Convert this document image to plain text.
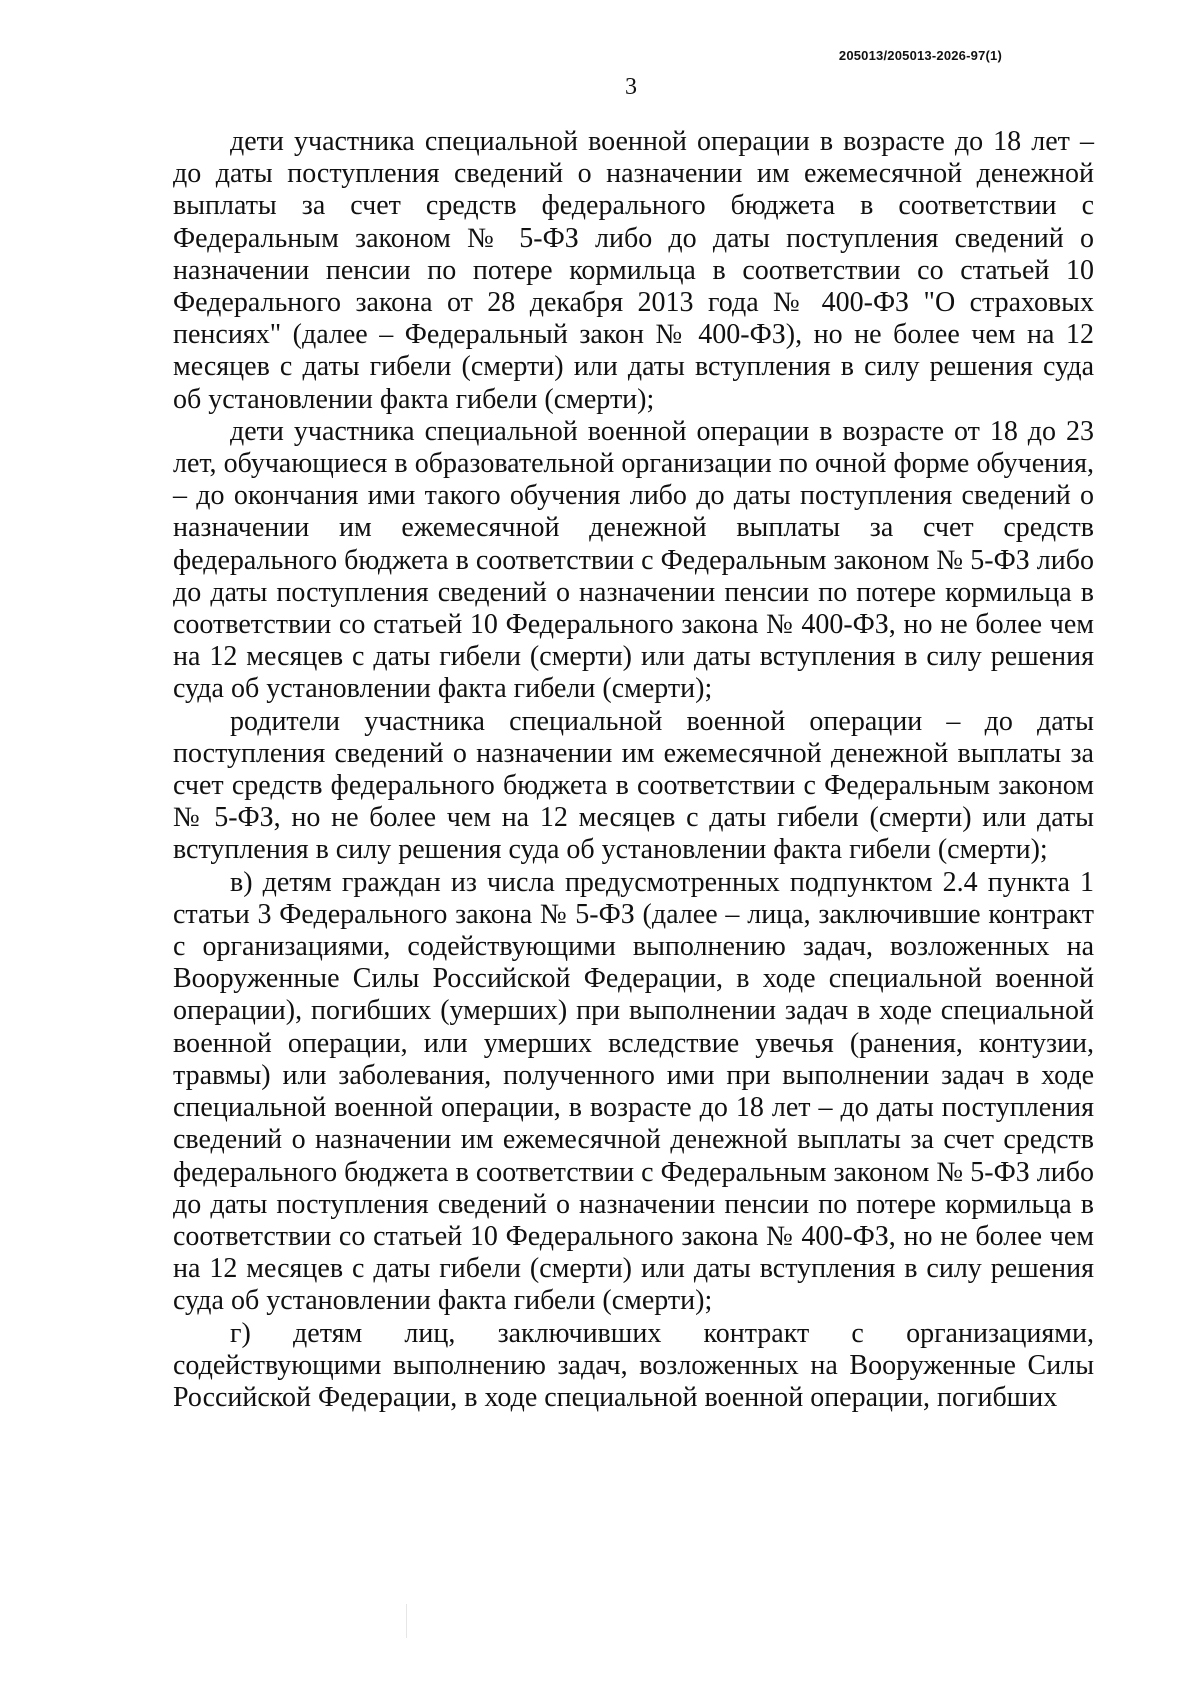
205013/205013-2026-97(1)
3

дети участника специальной военной операции в возрасте до 18 лет – до даты поступления сведений о назначении им ежемесячной денежной выплаты за счет средств федерального бюджета в соответствии с Федеральным законом № 5-ФЗ либо до даты поступления сведений о назначении пенсии по потере кормильца в соответствии со статьей 10 Федерального закона от 28 декабря 2013 года № 400-ФЗ "О страховых пенсиях" (далее – Федеральный закон № 400-ФЗ), но не более чем на 12 месяцев с даты гибели (смерти) или даты вступления в силу решения суда об установлении факта гибели (смерти);

дети участника специальной военной операции в возрасте от 18 до 23 лет, обучающиеся в образовательной организации по очной форме обучения, – до окончания ими такого обучения либо до даты поступления сведений о назначении им ежемесячной денежной выплаты за счет средств федерального бюджета в соответствии с Федеральным законом № 5-ФЗ либо до даты поступления сведений о назначении пенсии по потере кормильца в соответствии со статьей 10 Федерального закона № 400-ФЗ, но не более чем на 12 месяцев с даты гибели (смерти) или даты вступления в силу решения суда об установлении факта гибели (смерти);

родители участника специальной военной операции – до даты поступления сведений о назначении им ежемесячной денежной выплаты за счет средств федерального бюджета в соответствии с Федеральным законом № 5-ФЗ, но не более чем на 12 месяцев с даты гибели (смерти) или даты вступления в силу решения суда об установлении факта гибели (смерти);

в) детям граждан из числа предусмотренных подпунктом 2.4 пункта 1 статьи 3 Федерального закона № 5-ФЗ (далее – лица, заключившие контракт с организациями, содействующими выполнению задач, возложенных на Вооруженные Силы Российской Федерации, в ходе специальной военной операции), погибших (умерших) при выполнении задач в ходе специальной военной операции, или умерших вследствие увечья (ранения, контузии, травмы) или заболевания, полученного ими при выполнении задач в ходе специальной военной операции, в возрасте до 18 лет – до даты поступления сведений о назначении им ежемесячной денежной выплаты за счет средств федерального бюджета в соответствии с Федеральным законом № 5-ФЗ либо до даты поступления сведений о назначении пенсии по потере кормильца в соответствии со статьей 10 Федерального закона № 400-ФЗ, но не более чем на 12 месяцев с даты гибели (смерти) или даты вступления в силу решения суда об установлении факта гибели (смерти);

г) детям лиц, заключивших контракт с организациями, содействующими выполнению задач, возложенных на Вооруженные Силы Российской Федерации, в ходе специальной военной операции, погибших
